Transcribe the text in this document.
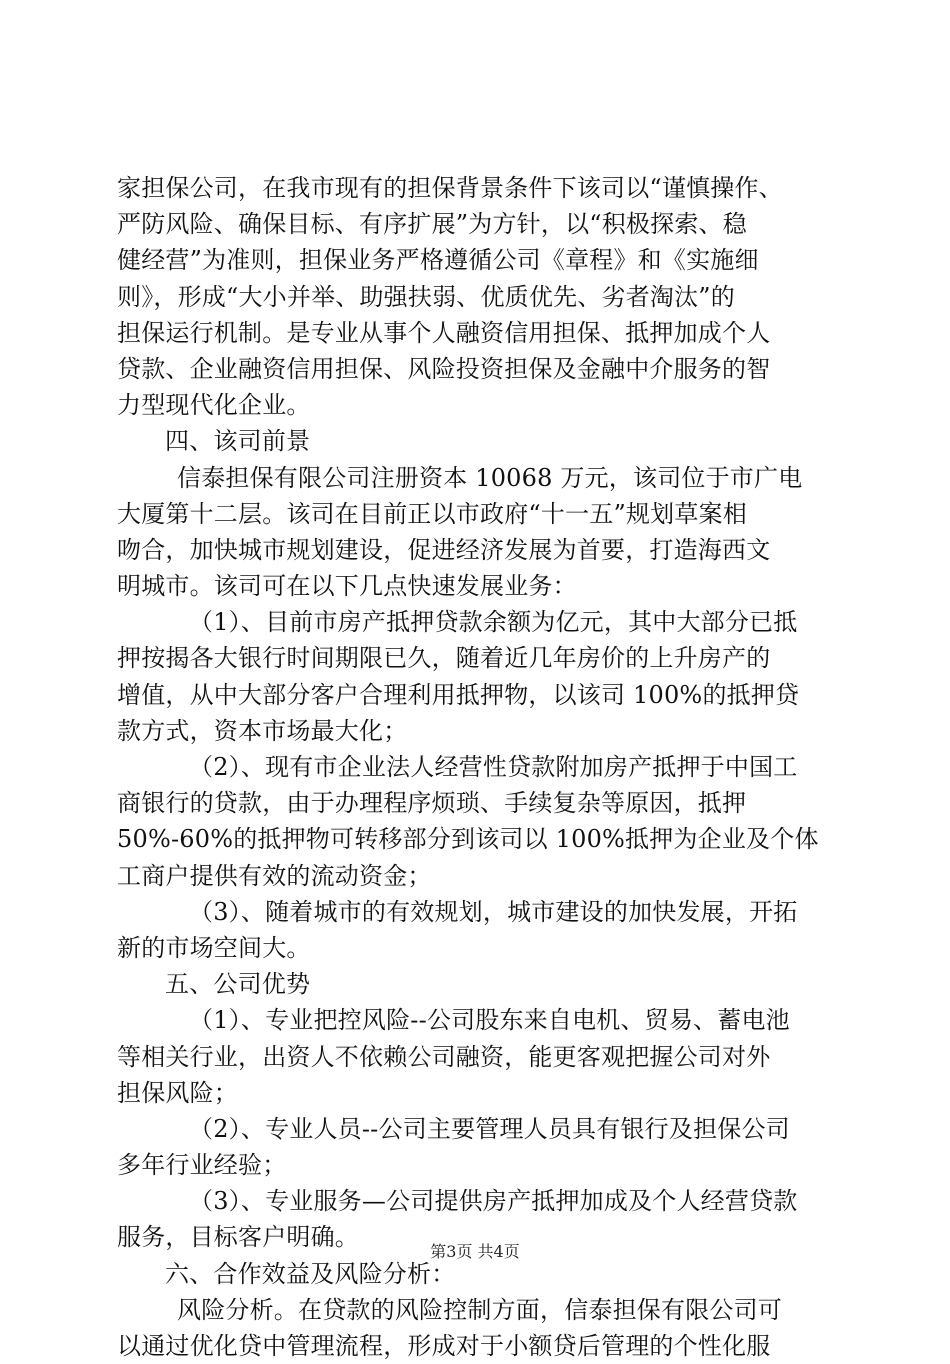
家担保公司，在我市现有的担保背景条件下该司以“谨慎操作、
严防风险、确保目标、有序扩展”为方针，以“积极探索、稳
健经营”为准则，担保业务严格遵循公司《章程》和《实施细
则》，形成“大小并举、助强扶弱、优质优先、劣者淘汰”的
担保运行机制。是专业从事个人融资信用担保、抵押加成个人
贷款、企业融资信用担保、风险投资担保及金融中介服务的智
力型现代化企业。
四、该司前景
信泰担保有限公司注册资本 10068 万元，该司位于市广电
大厦第十二层。该司在目前正以市政府“十一五”规划草案相
吻合，加快城市规划建设，促进经济发展为首要，打造海西文
明城市。该司可在以下几点快速发展业务：
（1）、目前市房产抵押贷款余额为亿元，其中大部分已抵
押按揭各大银行时间期限已久，随着近几年房价的上升房产的
增值，从中大部分客户合理利用抵押物，以该司 100%的抵押贷
款方式，资本市场最大化；
（2）、现有市企业法人经营性贷款附加房产抵押于中国工
商银行的贷款，由于办理程序烦琐、手续复杂等原因，抵押
50%-60%的抵押物可转移部分到该司以 100%抵押为企业及个体
工商户提供有效的流动资金；
（3）、随着城市的有效规划，城市建设的加快发展，开拓
新的市场空间大。
五、公司优势
（1）、专业把控风险--公司股东来自电机、贸易、蓄电池
等相关行业，出资人不依赖公司融资，能更客观把握公司对外
担保风险；
（2）、专业人员--公司主要管理人员具有银行及担保公司
多年行业经验；
（3）、专业服务—公司提供房产抵押加成及个人经营贷款
服务，目标客户明确。
六、合作效益及风险分析：
风险分析。在贷款的风险控制方面，信泰担保有限公司可
以通过优化贷中管理流程，形成对于小额贷后管理的个性化服
第3页 共4页
